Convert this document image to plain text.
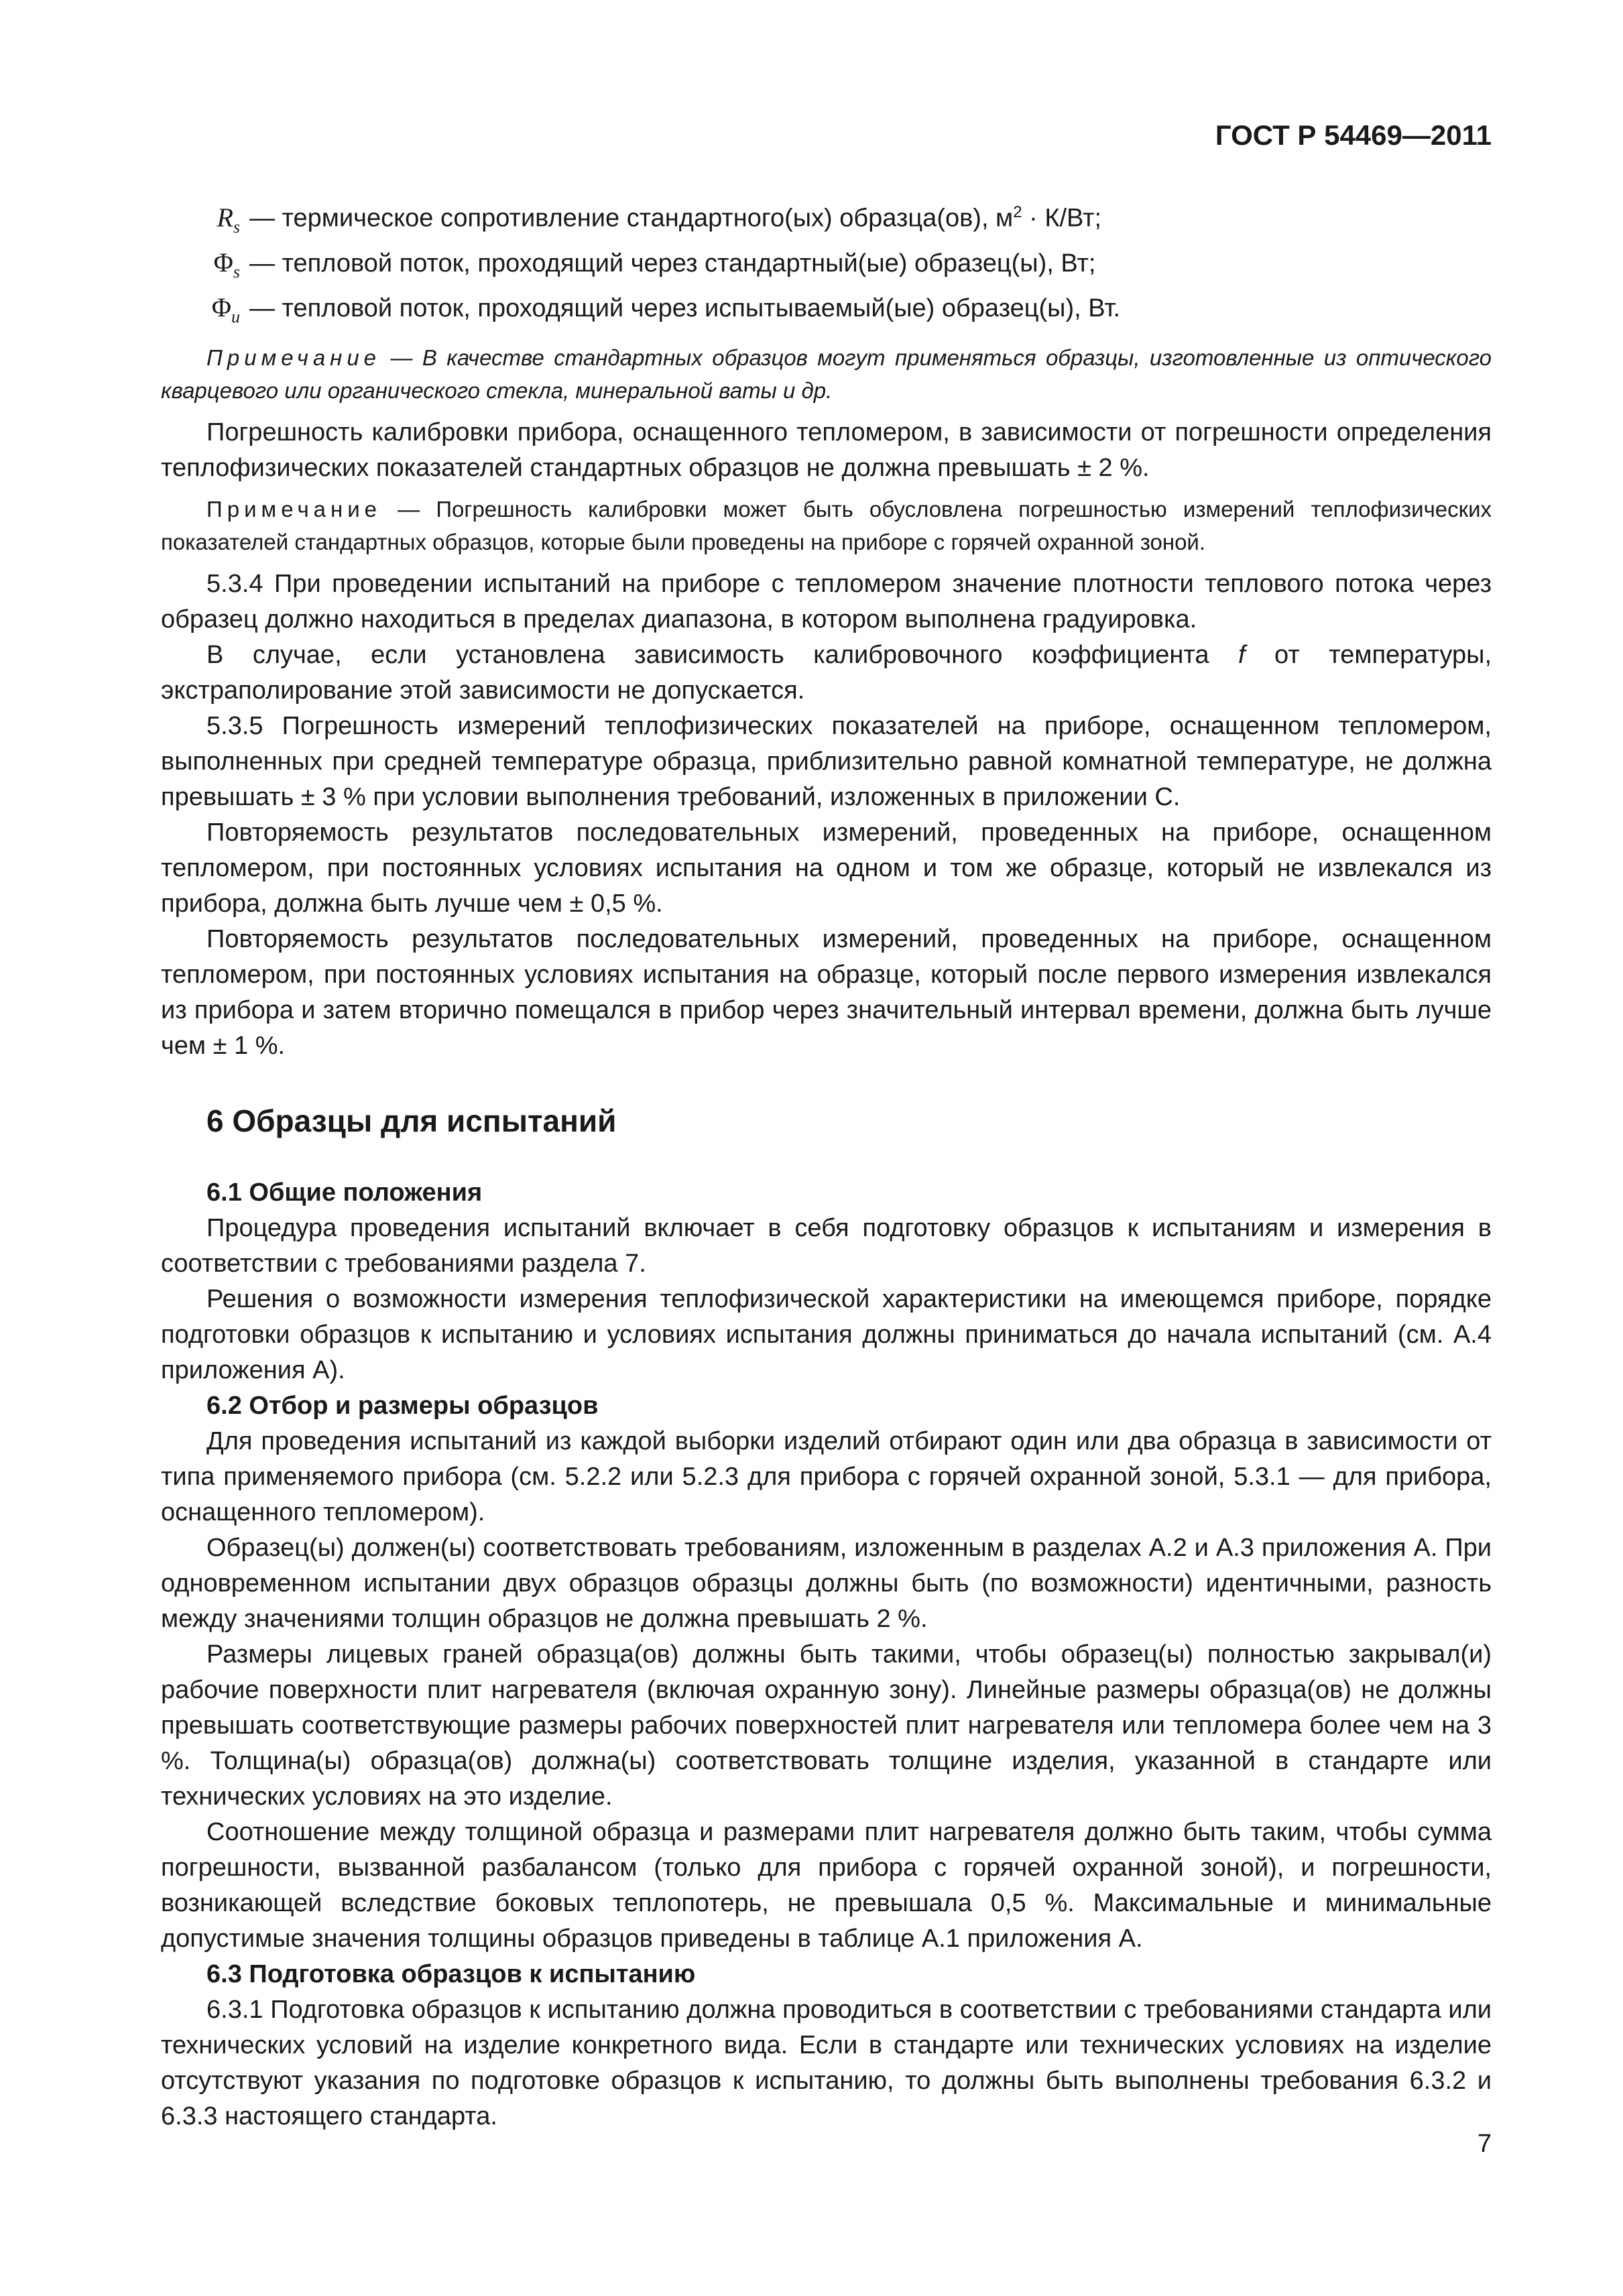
ГОСТ Р 54469—2011
$R_s$ — термическое сопротивление стандартного(ых) образца(ов), $м^2 \cdot К/Вт$;
$\Phi_s$ — тепловой поток, проходящий через стандартный(ые) образец(ы), Вт;
$\Phi_u$ — тепловой поток, проходящий через испытываемый(ые) образец(ы), Вт.

Примечание — В качестве стандартных образцов могут применяться образцы, изготовленные из оптического кварцевого или органического стекла, минеральной ваты и др.

Погрешность калибровки прибора, оснащенного тепломером, в зависимости от погрешности определения теплофизических показателей стандартных образцов не должна превышать ± 2 %.

Примечание — Погрешность калибровки может быть обусловлена погрешностью измерений теплофизических показателей стандартных образцов, которые были проведены на приборе с горячей охранной зоной.

5.3.4 При проведении испытаний на приборе с тепломером значение плотности теплового потока через образец должно находиться в пределах диапазона, в котором выполнена градуировка.

В случае, если установлена зависимость калибровочного коэффициента f от температуры, экстраполирование этой зависимости не допускается.

5.3.5 Погрешность измерений теплофизических показателей на приборе, оснащенном тепломером, выполненных при средней температуре образца, приблизительно равной комнатной температуре, не должна превышать ± 3 % при условии выполнения требований, изложенных в приложении С.

Повторяемость результатов последовательных измерений, проведенных на приборе, оснащенном тепломером, при постоянных условиях испытания на одном и том же образце, который не извлекался из прибора, должна быть лучше чем ± 0,5 %.

Повторяемость результатов последовательных измерений, проведенных на приборе, оснащенном тепломером, при постоянных условиях испытания на образце, который после первого измерения извлекался из прибора и затем вторично помещался в прибор через значительный интервал времени, должна быть лучше чем ± 1 %.

6 Образцы для испытаний
6.1 Общие положения

Процедура проведения испытаний включает в себя подготовку образцов к испытаниям и измерения в соответствии с требованиями раздела 7.

Решения о возможности измерения теплофизической характеристики на имеющемся приборе, порядке подготовки образцов к испытанию и условиях испытания должны приниматься до начала испытаний (см. А.4 приложения А).

6.2 Отбор и размеры образцов

Для проведения испытаний из каждой выборки изделий отбирают один или два образца в зависимости от типа применяемого прибора (см. 5.2.2 или 5.2.3 для прибора с горячей охранной зоной, 5.3.1 — для прибора, оснащенного тепломером).

Образец(ы) должен(ы) соответствовать требованиям, изложенным в разделах А.2 и А.3 приложения А. При одновременном испытании двух образцов образцы должны быть (по возможности) идентичными, разность между значениями толщин образцов не должна превышать 2 %.

Размеры лицевых граней образца(ов) должны быть такими, чтобы образец(ы) полностью закрывал(и) рабочие поверхности плит нагревателя (включая охранную зону). Линейные размеры образца(ов) не должны превышать соответствующие размеры рабочих поверхностей плит нагревателя или тепломера более чем на 3 %. Толщина(ы) образца(ов) должна(ы) соответствовать толщине изделия, указанной в стандарте или технических условиях на это изделие.

Соотношение между толщиной образца и размерами плит нагревателя должно быть таким, чтобы сумма погрешности, вызванной разбалансом (только для прибора с горячей охранной зоной), и погрешности, возникающей вследствие боковых теплопотерь, не превышала 0,5 %. Максимальные и минимальные допустимые значения толщины образцов приведены в таблице А.1 приложения А.

6.3 Подготовка образцов к испытанию

6.3.1 Подготовка образцов к испытанию должна проводиться в соответствии с требованиями стандарта или технических условий на изделие конкретного вида. Если в стандарте или технических условиях на изделие отсутствуют указания по подготовке образцов к испытанию, то должны быть выполнены требования 6.3.2 и 6.3.3 настоящего стандарта.

7
